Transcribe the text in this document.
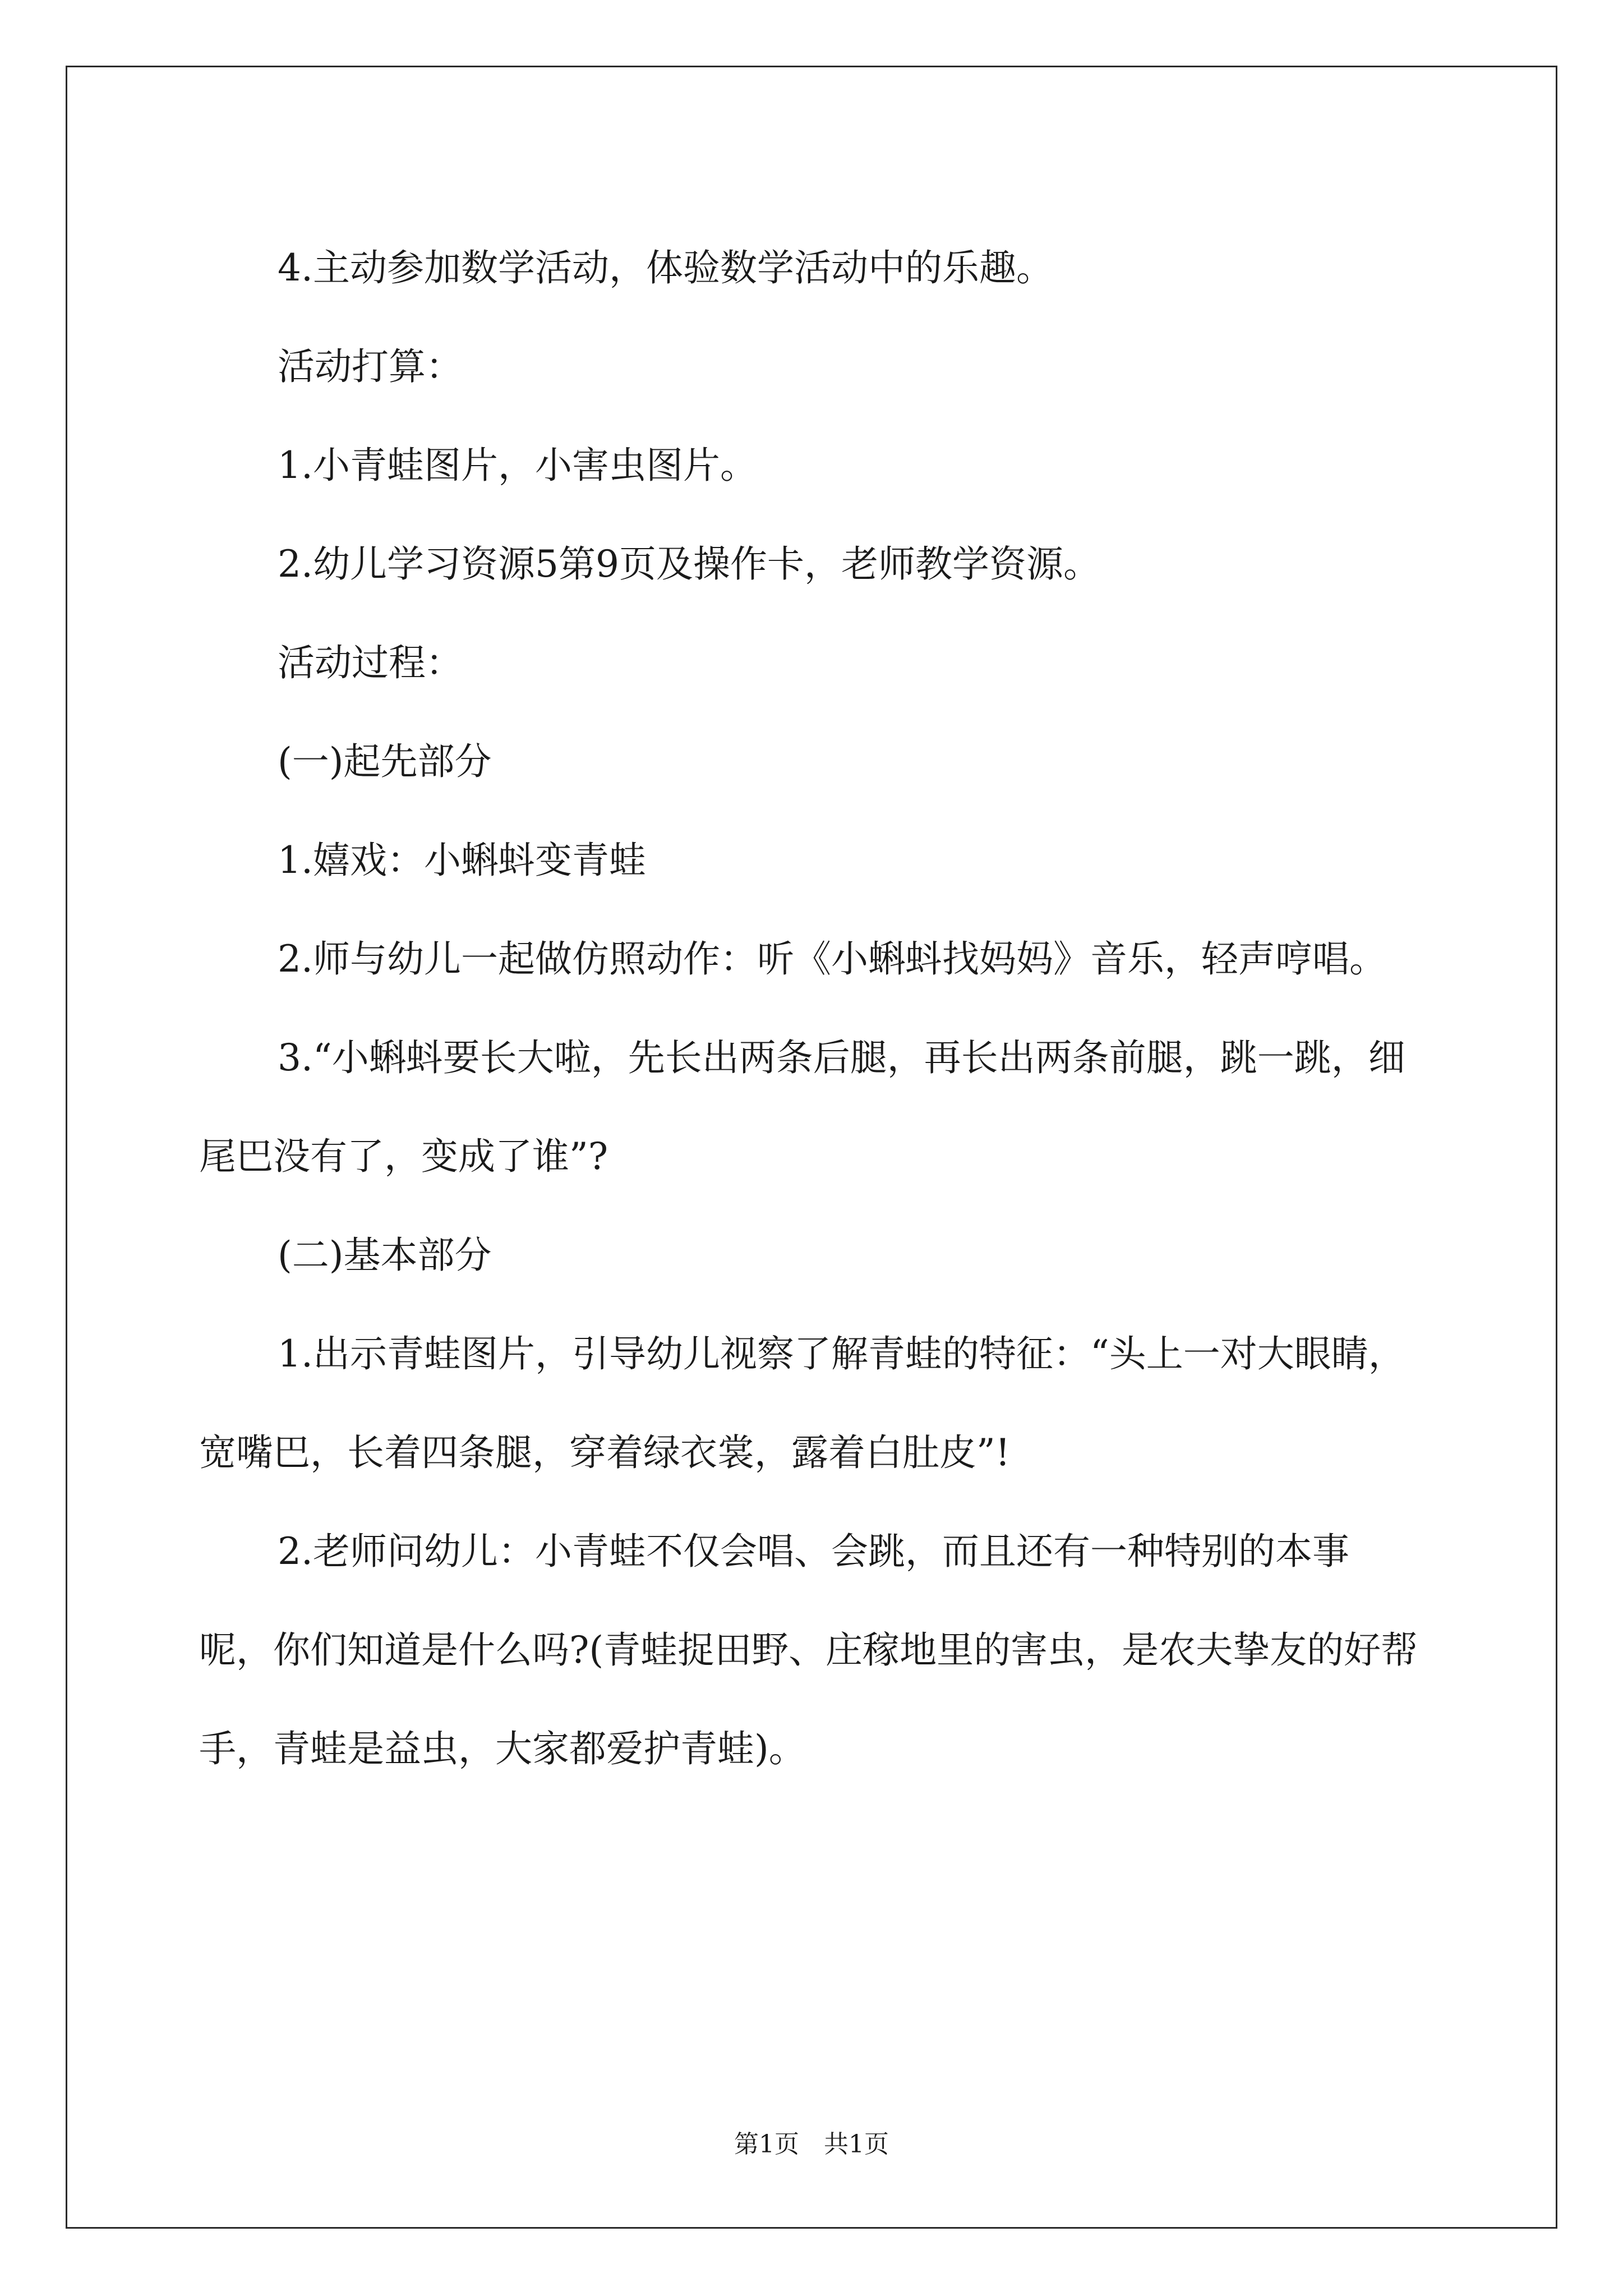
4.主动参加数学活动，体验数学活动中的乐趣。

活动打算：

1.小青蛙图片，小害虫图片。

2.幼儿学习资源5第9页及操作卡，老师教学资源。

活动过程：

(一)起先部分

1.嬉戏：小蝌蚪变青蛙

2.师与幼儿一起做仿照动作：听《小蝌蚪找妈妈》音乐，轻声哼唱。

3.“小蝌蚪要长大啦，先长出两条后腿，再长出两条前腿，跳一跳，细尾巴没有了，变成了谁”?

(二)基本部分

1.出示青蛙图片，引导幼儿视察了解青蛙的特征：“头上一对大眼睛，宽嘴巴，长着四条腿，穿着绿衣裳，露着白肚皮”!

2.老师问幼儿：小青蛙不仅会唱、会跳，而且还有一种特别的本事呢，你们知道是什么吗?(青蛙捉田野、庄稼地里的害虫，是农夫挚友的好帮手，青蛙是益虫，大家都爱护青蛙)。

第1页　共1页
